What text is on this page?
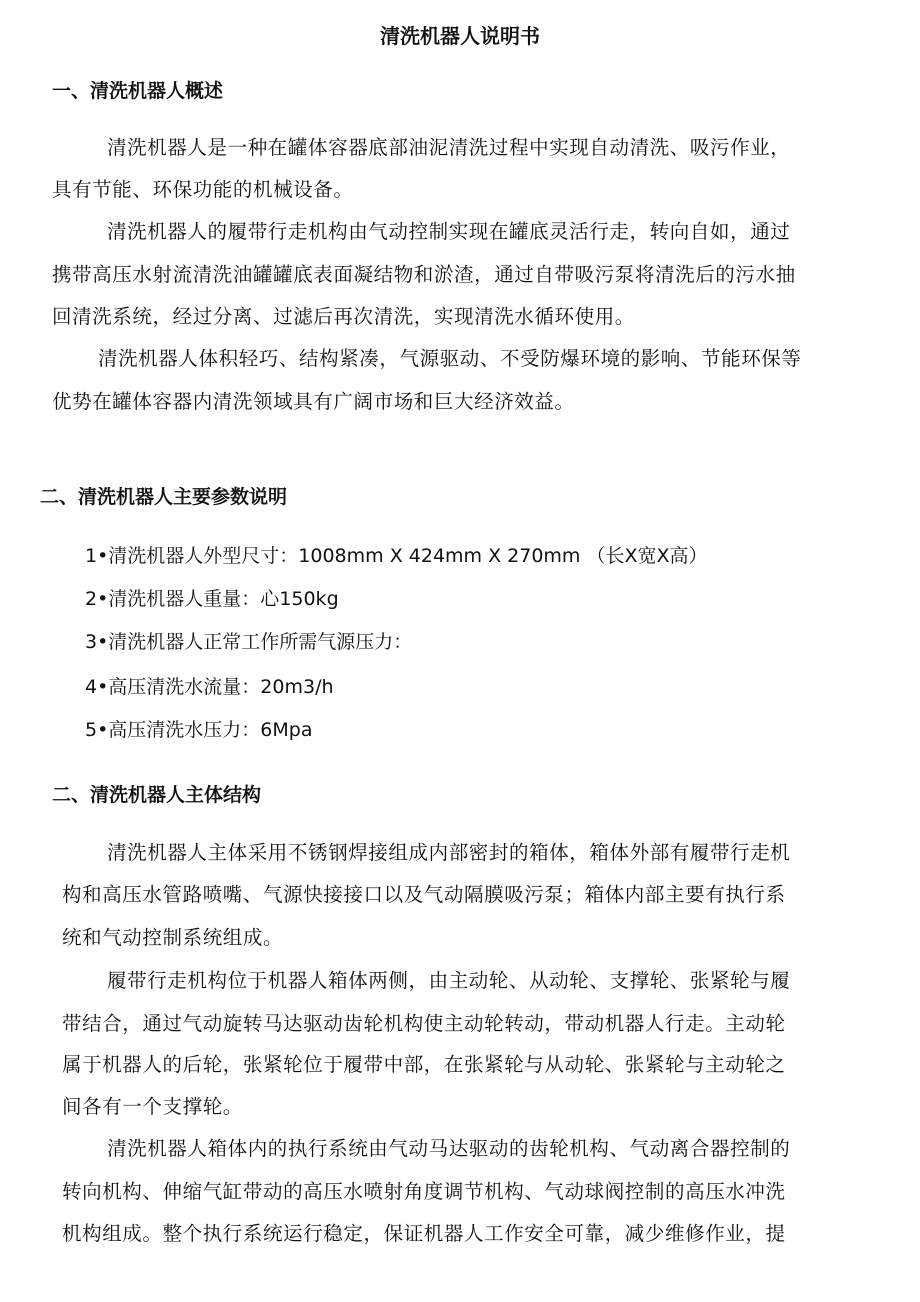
清洗机器人说明书
一、清洗机器人概述
清洗机器人是一种在罐体容器底部油泥清洗过程中实现自动清洗、吸污作业，
具有节能、环保功能的机械设备。
清洗机器人的履带行走机构由气动控制实现在罐底灵活行走，转向自如，通过
携带高压水射流清洗油罐罐底表面凝结物和淤渣，通过自带吸污泵将清洗后的污水抽
回清洗系统，经过分离、过滤后再次清洗，实现清洗水循环使用。
清洗机器人体积轻巧、结构紧凑，气源驱动、不受防爆环境的影响、节能环保等
优势在罐体容器内清洗领域具有广阔市场和巨大经济效益。
二、清洗机器人主要参数说明
1•清洗机器人外型尺寸：1008mm X 424mm X 270mm （长X宽X高）
2•清洗机器人重量：心150kg
3•清洗机器人正常工作所需气源压力：
4•高压清洗水流量：20m3/h
5•高压清洗水压力：6Mpa
二、清洗机器人主体结构
清洗机器人主体采用不锈钢焊接组成内部密封的箱体，箱体外部有履带行走机
构和高压水管路喷嘴、气源快接接口以及气动隔膜吸污泵；箱体内部主要有执行系
统和气动控制系统组成。
履带行走机构位于机器人箱体两侧，由主动轮、从动轮、支撑轮、张紧轮与履
带结合，通过气动旋转马达驱动齿轮机构使主动轮转动，带动机器人行走。主动轮
属于机器人的后轮，张紧轮位于履带中部，在张紧轮与从动轮、张紧轮与主动轮之
间各有一个支撑轮。
清洗机器人箱体内的执行系统由气动马达驱动的齿轮机构、气动离合器控制的
转向机构、伸缩气缸带动的高压水喷射角度调节机构、气动球阀控制的高压水冲洗
机构组成。整个执行系统运行稳定，保证机器人工作安全可靠，减少维修作业，提
